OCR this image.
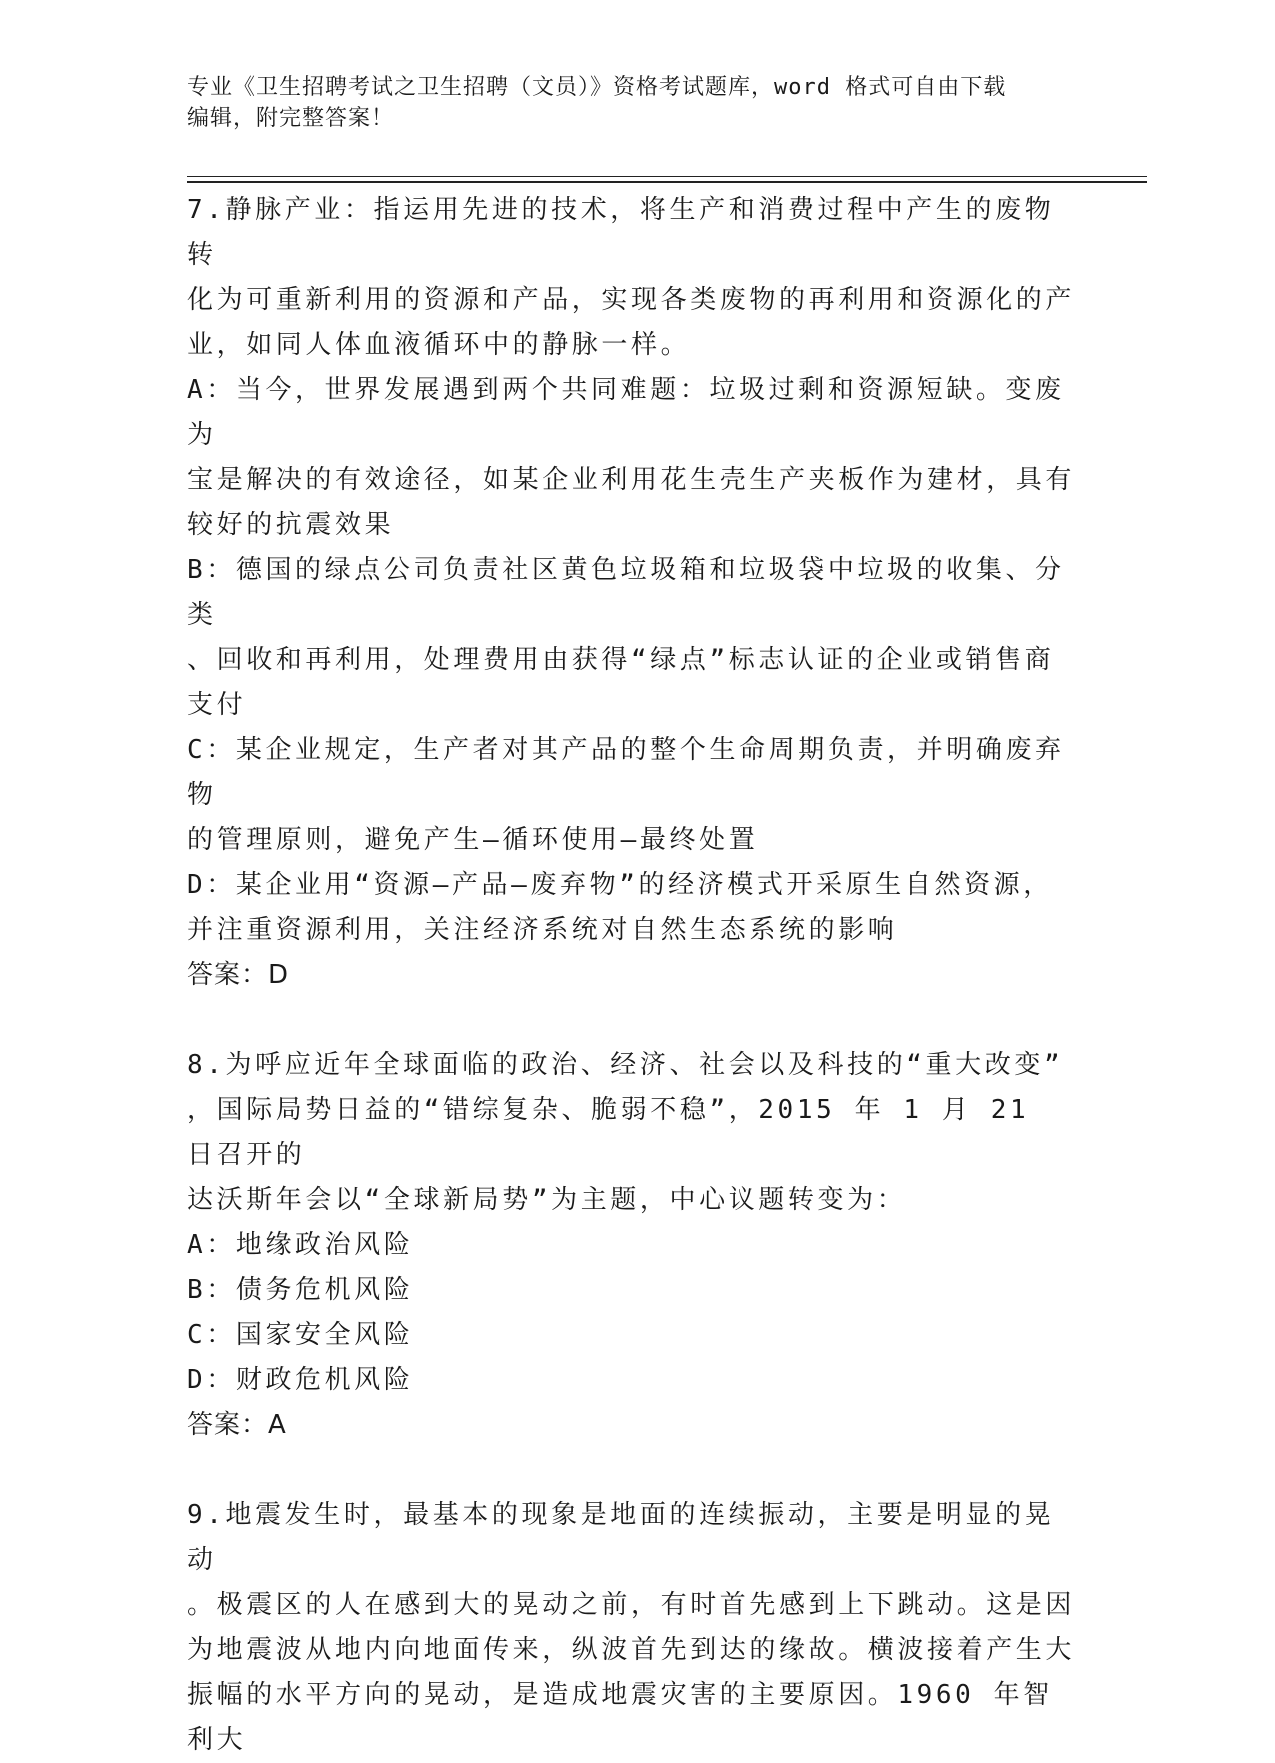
专业《卫生招聘考试之卫生招聘（文员）》资格考试题库，word 格式可自由下载
编辑，附完整答案！
7.静脉产业：指运用先进的技术，将生产和消费过程中产生的废物转
化为可重新利用的资源和产品，实现各类废物的再利用和资源化的产
业，如同人体血液循环中的静脉一样。
A：当今，世界发展遇到两个共同难题：垃圾过剩和资源短缺。变废为
宝是解决的有效途径，如某企业利用花生壳生产夹板作为建材，具有
较好的抗震效果
B：德国的绿点公司负责社区黄色垃圾箱和垃圾袋中垃圾的收集、分类
、回收和再利用，处理费用由获得“绿点”标志认证的企业或销售商
支付
C：某企业规定，生产者对其产品的整个生命周期负责，并明确废弃物
的管理原则，避免产生—循环使用—最终处置
D：某企业用“资源—产品—废弃物”的经济模式开采原生自然资源，
并注重资源利用，关注经济系统对自然生态系统的影响
答案：D
8.为呼应近年全球面临的政治、经济、社会以及科技的“重大改变”
，国际局势日益的“错综复杂、脆弱不稳”，2015 年 1 月 21 日召开的
达沃斯年会以“全球新局势”为主题，中心议题转变为：
A：地缘政治风险
B：债务危机风险
C：国家安全风险
D：财政危机风险
答案：A
9.地震发生时，最基本的现象是地面的连续振动，主要是明显的晃动
。极震区的人在感到大的晃动之前，有时首先感到上下跳动。这是因
为地震波从地内向地面传来，纵波首先到达的缘故。横波接着产生大
振幅的水平方向的晃动，是造成地震灾害的主要原因。1960 年智利大
